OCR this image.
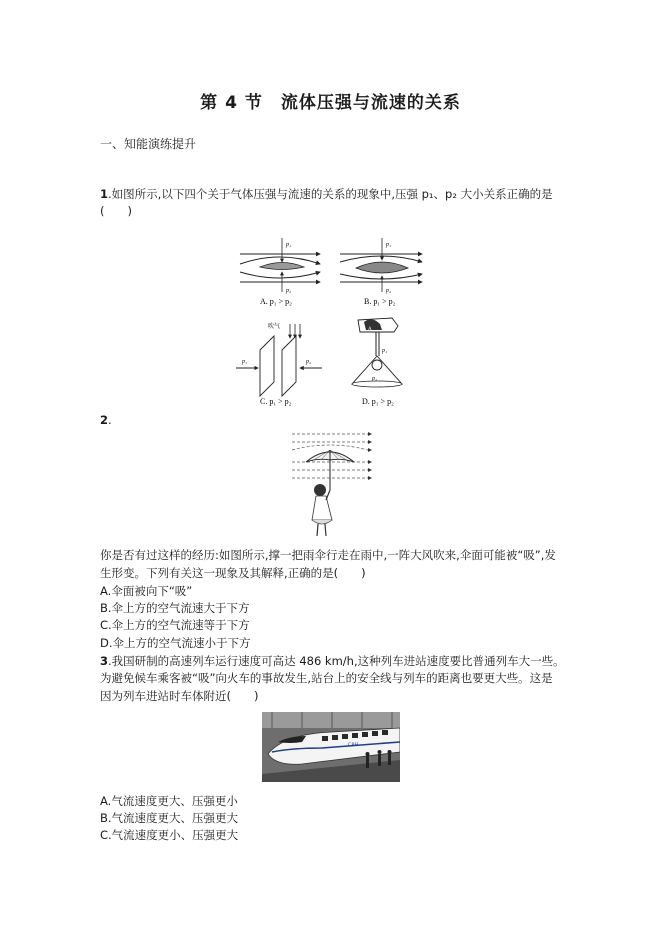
第 4 节　流体压强与流速的关系
一、知能演练提升
1.如图所示,以下四个关于气体压强与流速的关系的现象中,压强 p₁、p₂ 大小关系正确的是
(　　)
p₁
p₂
A. p₁ > p₂
p₁
p₂
B. p₁ > p₂
吹气
p₁	p₂
C. p₁ > p₂
A
p₁
p₂
D. p₁ > p₂
2.
你是否有过这样的经历:如图所示,撑一把雨伞行走在雨中,一阵大风吹来,伞面可能被“吸”,发
生形变。下列有关这一现象及其解释,正确的是(　　)
A.伞面被向下“吸”
B.伞上方的空气流速大于下方
C.伞上方的空气流速等于下方
D.伞上方的空气流速小于下方
3.我国研制的高速列车运行速度可高达 486 km/h,这种列车进站速度要比普通列车大一些。
为避免候车乘客被“吸”向火车的事故发生,站台上的安全线与列车的距离也要更大些。这是
因为列车进站时车体附近(　　)
CRH
A.气流速度更大、压强更小
B.气流速度更大、压强更大
C.气流速度更小、压强更大
